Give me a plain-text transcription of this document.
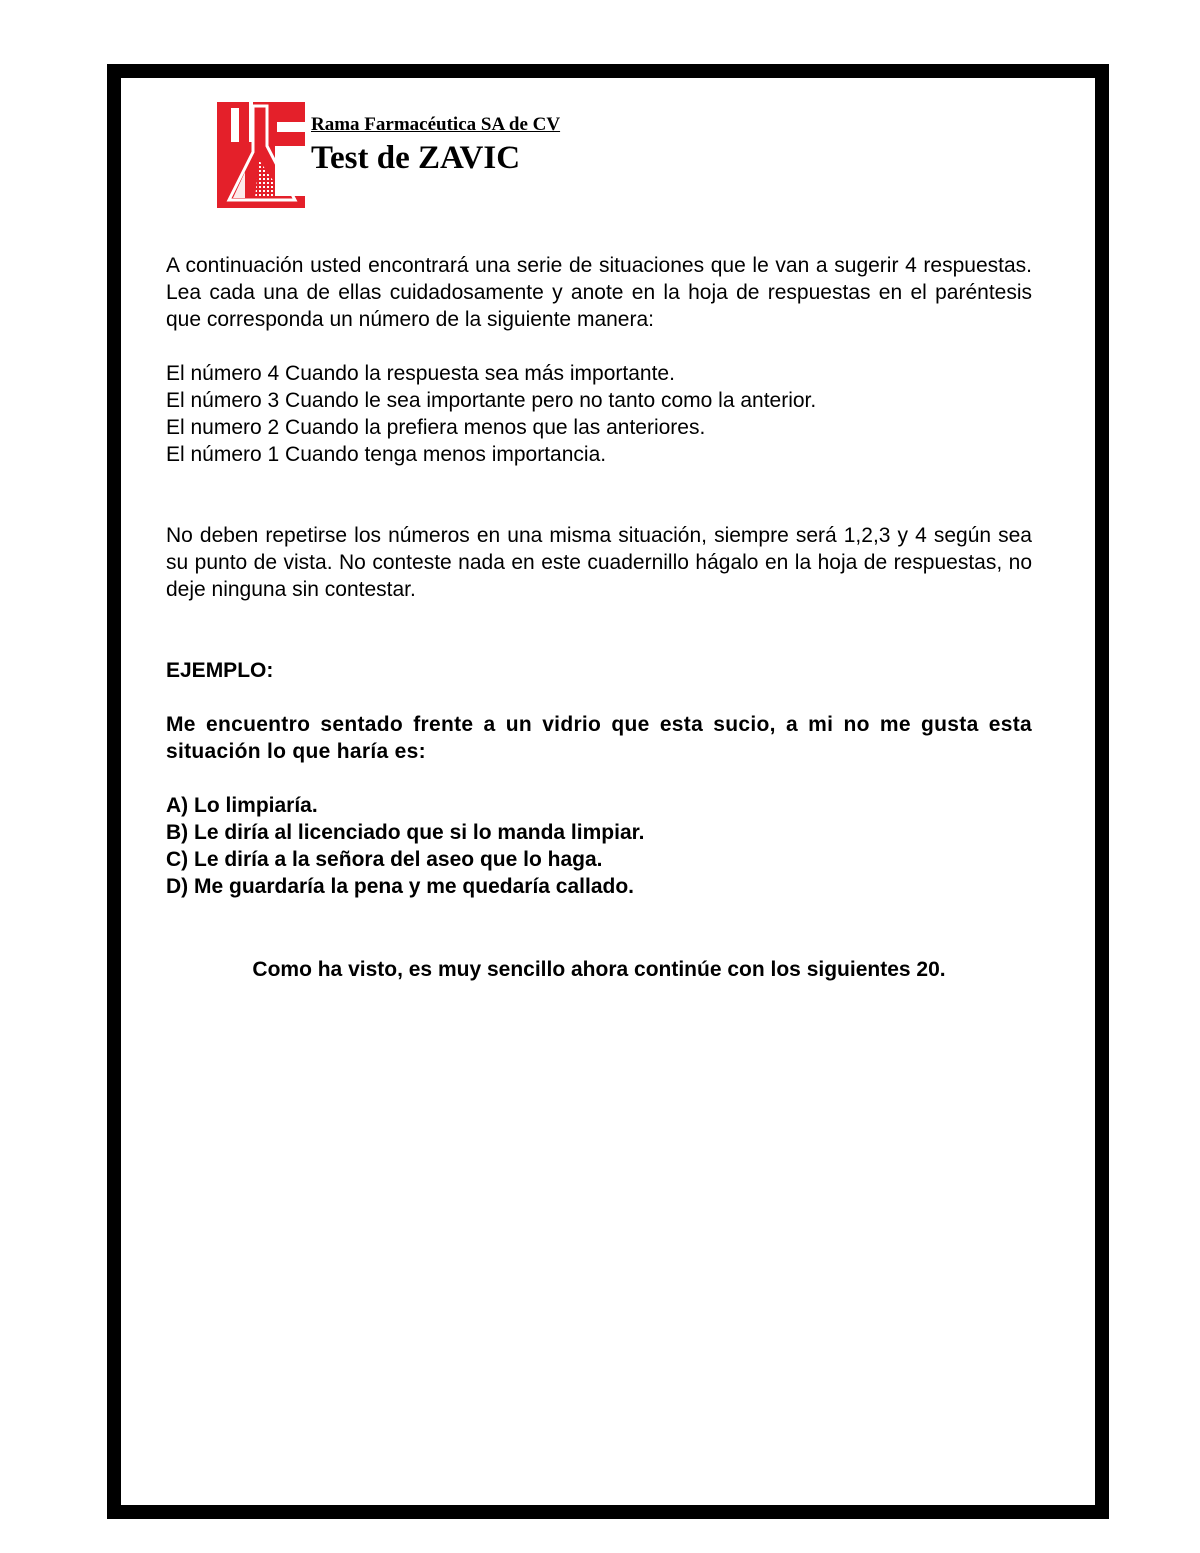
Rama Farmacéutica SA de CV
Test de ZAVIC

A continuación usted encontrará una serie de situaciones que le van a sugerir 4 respuestas. Lea cada una de ellas cuidadosamente y anote en la hoja de respuestas en el paréntesis que corresponda un número de la siguiente manera:

El número 4 Cuando la respuesta sea más importante.
El número 3 Cuando le sea importante pero no tanto como la anterior.
El numero 2 Cuando la prefiera menos que las anteriores.
El número 1 Cuando tenga menos importancia.

No deben repetirse los números en una misma situación, siempre será 1,2,3 y 4 según sea su punto de vista. No conteste nada en este cuadernillo hágalo en la hoja de respuestas, no deje ninguna sin contestar.

EJEMPLO:

Me encuentro sentado frente a un vidrio que esta sucio, a mi no me gusta esta situación lo que haría es:

A) Lo limpiaría.
B) Le diría al licenciado que si lo manda limpiar.
C) Le diría a la señora del aseo que lo haga.
D) Me guardaría la pena y me quedaría callado.

Como ha visto, es muy sencillo ahora continúe con los siguientes 20.
